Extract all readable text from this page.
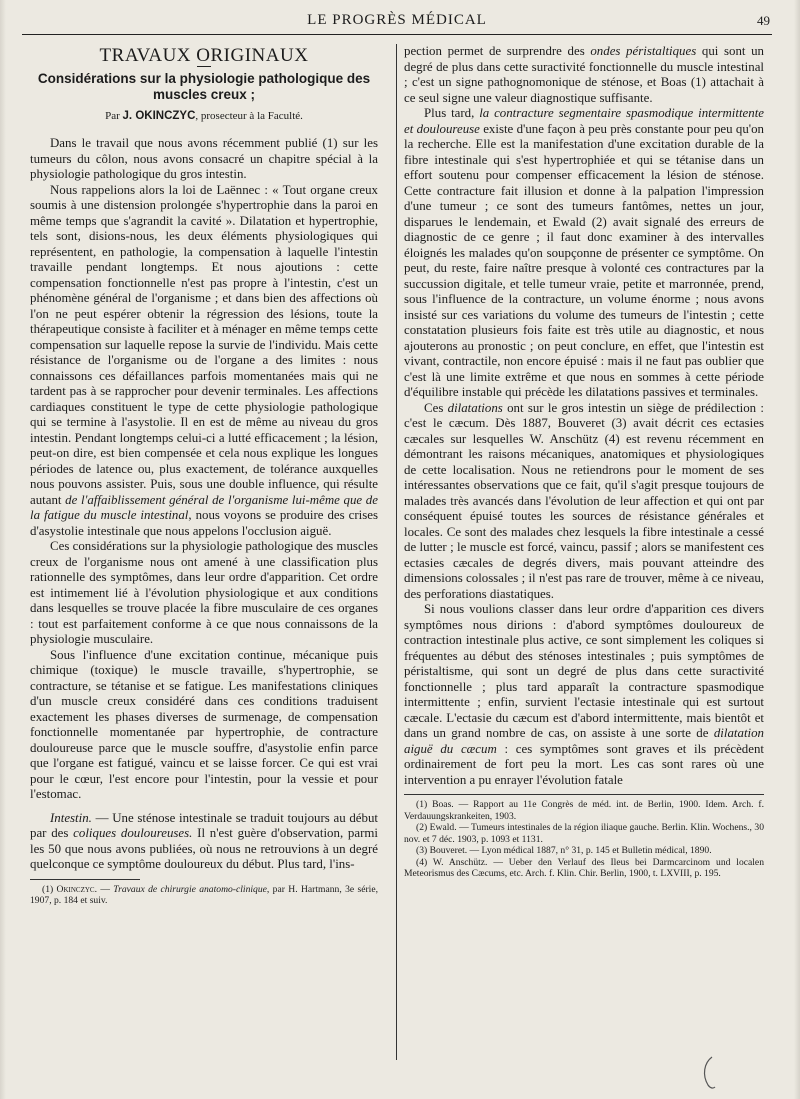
LE PROGRÈS MÉDICAL	49
TRAVAUX ORIGINAUX
Considérations sur la physiologie pathologique des muscles creux ;
Par J. OKINCZYC, prosecteur à la Faculté.

Dans le travail que nous avons récemment publié (1) sur les tumeurs du côlon, nous avons consacré un chapitre spécial à la physiologie pathologique du gros intestin.

Nous rappelions alors la loi de Laënnec : « Tout organe creux soumis à une distension prolongée s'hypertrophie dans la paroi en même temps que s'agrandit la cavité ». Dilatation et hypertrophie, tels sont, disions-nous, les deux éléments physiologiques qui représentent, en pathologie, la compensation à laquelle l'intestin travaille pendant longtemps. Et nous ajoutions : cette compensation fonctionnelle n'est pas propre à l'intestin, c'est un phénomène général de l'organisme ; et dans bien des affections où l'on ne peut espérer obtenir la régression des lésions, toute la thérapeutique consiste à faciliter et à ménager en même temps cette compensation sur laquelle repose la survie de l'individu. Mais cette résistance de l'organisme ou de l'organe a des limites : nous connaissons ces défaillances parfois momentanées mais qui ne tardent pas à se rapprocher pour devenir terminales. Les affections cardiaques constituent le type de cette physiologie pathologique qui se termine à l'asystolie. Il en est de même au niveau du gros intestin. Pendant longtemps celui-ci a lutté efficacement ; la lésion, peut-on dire, est bien compensée et cela nous explique les longues périodes de latence ou, plus exactement, de tolérance auxquelles nous pouvons assister. Puis, sous une double influence, qui résulte autant de l'affaiblissement général de l'organisme lui-même que de la fatigue du muscle intestinal, nous voyons se produire des crises d'asystolie intestinale que nous appelons l'occlusion aiguë.

Ces considérations sur la physiologie pathologique des muscles creux de l'organisme nous ont amené à une classification plus rationnelle des symptômes, dans leur ordre d'apparition. Cet ordre est intimement lié à l'évolution physiologique et aux conditions dans lesquelles se trouve placée la fibre musculaire de ces organes : tout est parfaitement conforme à ce que nous connaissons de la physiologie musculaire.

Sous l'influence d'une excitation continue, mécanique puis chimique (toxique) le muscle travaille, s'hypertrophie, se contracture, se tétanise et se fatigue. Les manifestations cliniques d'un muscle creux considéré dans ces conditions traduisent exactement les phases diverses de surmenage, de compensation fonctionnelle momentanée par hypertrophie, de contracture douloureuse parce que le muscle souffre, d'asystolie enfin parce que l'organe est fatigué, vaincu et se laisse forcer. Ce qui est vrai pour le cœur, l'est encore pour l'intestin, pour la vessie et pour l'estomac.

Intestin. — Une sténose intestinale se traduit toujours au début par des coliques douloureuses. Il n'est guère d'observation, parmi les 50 que nous avons publiées, où nous ne retrouvions à un degré quelconque ce symptôme douloureux du début. Plus tard, l'ins-

(1) Okinczyc. — Travaux de chirurgie anatomo-clinique, par H. Hartmann, 3e série, 1907, p. 184 et suiv.

pection permet de surprendre des ondes péristaltiques qui sont un degré de plus dans cette suractivité fonctionnelle du muscle intestinal ; c'est un signe pathognomonique de sténose, et Boas (1) attachait à ce seul signe une valeur diagnostique suffisante.

Plus tard, la contracture segmentaire spasmodique intermittente et douloureuse existe d'une façon à peu près constante pour peu qu'on la recherche. Elle est la manifestation d'une excitation durable de la fibre intestinale qui s'est hypertrophiée et qui se tétanise dans un effort soutenu pour compenser efficacement la lésion de sténose. Cette contracture fait illusion et donne à la palpation l'impression d'une tumeur ; ce sont des tumeurs fantômes, nettes un jour, disparues le lendemain, et Ewald (2) avait signalé des erreurs de diagnostic de ce genre ; il faut donc examiner à des intervalles éloignés les malades qu'on soupçonne de présenter ce symptôme. On peut, du reste, faire naître presque à volonté ces contractures par la succussion digitale, et telle tumeur vraie, petite et marronnée, prend, sous l'influence de la contracture, un volume énorme ; nous avons insisté sur ces variations du volume des tumeurs de l'intestin ; cette constatation plusieurs fois faite est très utile au diagnostic, et nous ajouterons au pronostic ; on peut conclure, en effet, que l'intestin est vivant, contractile, non encore épuisé : mais il ne faut pas oublier que c'est là une limite extrême et que nous en sommes à cette période d'équilibre instable qui précède les dilatations passives et terminales.

Ces dilatations ont sur le gros intestin un siège de prédilection : c'est le cæcum. Dès 1887, Bouveret (3) avait décrit ces ectasies cæcales sur lesquelles W. Anschütz (4) est revenu récemment en démontrant les raisons mécaniques, anatomiques et physiologiques de cette localisation. Nous ne retiendrons pour le moment de ses intéressantes observations que ce fait, qu'il s'agit presque toujours de malades très avancés dans l'évolution de leur affection et qui ont par conséquent épuisé toutes les sources de résistance générales et locales. Ce sont des malades chez lesquels la fibre intestinale a cessé de lutter ; le muscle est forcé, vaincu, passif ; alors se manifestent ces ectasies cæcales de degrés divers, mais pouvant atteindre des dimensions colossales ; il n'est pas rare de trouver, même à ce niveau, des perforations diastatiques.

Si nous voulions classer dans leur ordre d'apparition ces divers symptômes nous dirions : d'abord symptômes douloureux de contraction intestinale plus active, ce sont simplement les coliques si fréquentes au début des sténoses intestinales ; puis symptômes de péristaltisme, qui sont un degré de plus dans cette suractivité fonctionnelle ; plus tard apparaît la contracture spasmodique intermittente ; enfin, survient l'ectasie intestinale qui est surtout cæcale. L'ectasie du cæcum est d'abord intermittente, mais bientôt et dans un grand nombre de cas, on assiste à une sorte de dilatation aiguë du cæcum : ces symptômes sont graves et ils précèdent ordinairement de fort peu la mort. Les cas sont rares où une intervention a pu enrayer l'évolution fatale

(1) Boas. — Rapport au 11e Congrès de méd. int. de Berlin, 1900. Idem. Arch. f. Verdauungskrankeiten, 1903.

(2) Ewald. — Tumeurs intestinales de la région iliaque gauche. Berlin. Klin. Wochens., 30 nov. et 7 déc. 1903, p. 1093 et 1131.

(3) Bouveret. — Lyon médical 1887, n° 31, p. 145 et Bulletin médical, 1890.

(4) W. Anschütz. — Ueber den Verlauf des Ileus bei Darmcarcinom und localen Meteorismus des Cæcums, etc. Arch. f. Klin. Chir. Berlin, 1900, t. LXVIII, p. 195.
